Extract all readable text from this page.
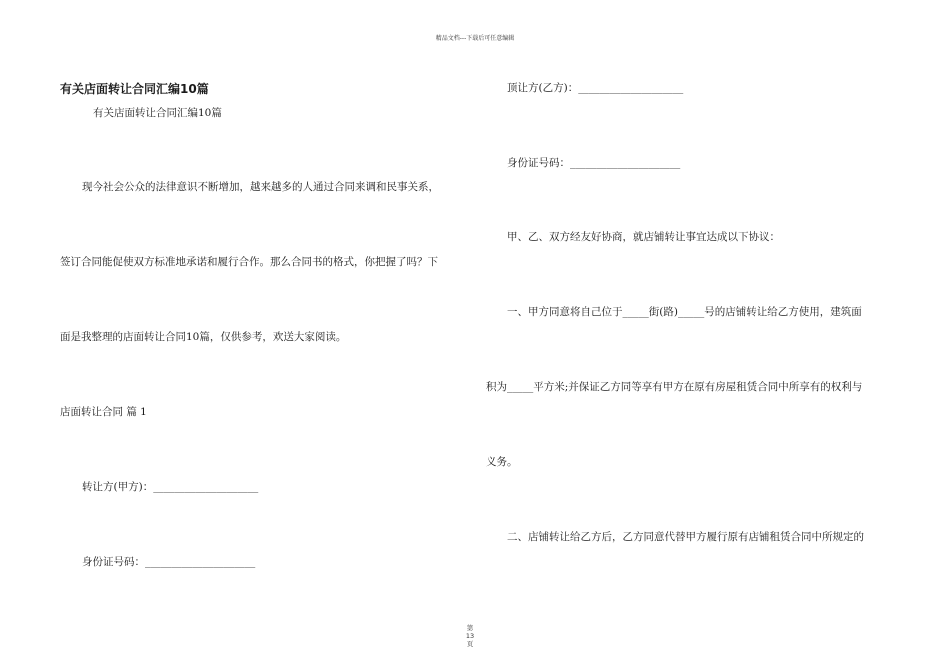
精品文档---下载后可任意编辑
有关店面转让合同汇编10篇
有关店面转让合同汇编10篇
现今社会公众的法律意识不断增加，越来越多的人通过合同来调和民事关系，
签订合同能促使双方标准地承诺和履行合作。那么合同书的格式，你把握了吗？下
面是我整理的店面转让合同10篇，仅供参考，欢送大家阅读。
店面转让合同 篇 1
转让方(甲方)：____________________
身份证号码：_____________________
顶让方(乙方)：____________________
身份证号码：_____________________
甲、乙、双方经友好协商，就店铺转让事宜达成以下协议：
一、甲方同意将自己位于_____街(路)_____号的店铺转让给乙方使用，建筑面
积为_____平方米;并保证乙方同等享有甲方在原有房屋租赁合同中所享有的权利与
义务。
二、店铺转让给乙方后，乙方同意代替甲方履行原有店铺租赁合同中所规定的
第
13
页
